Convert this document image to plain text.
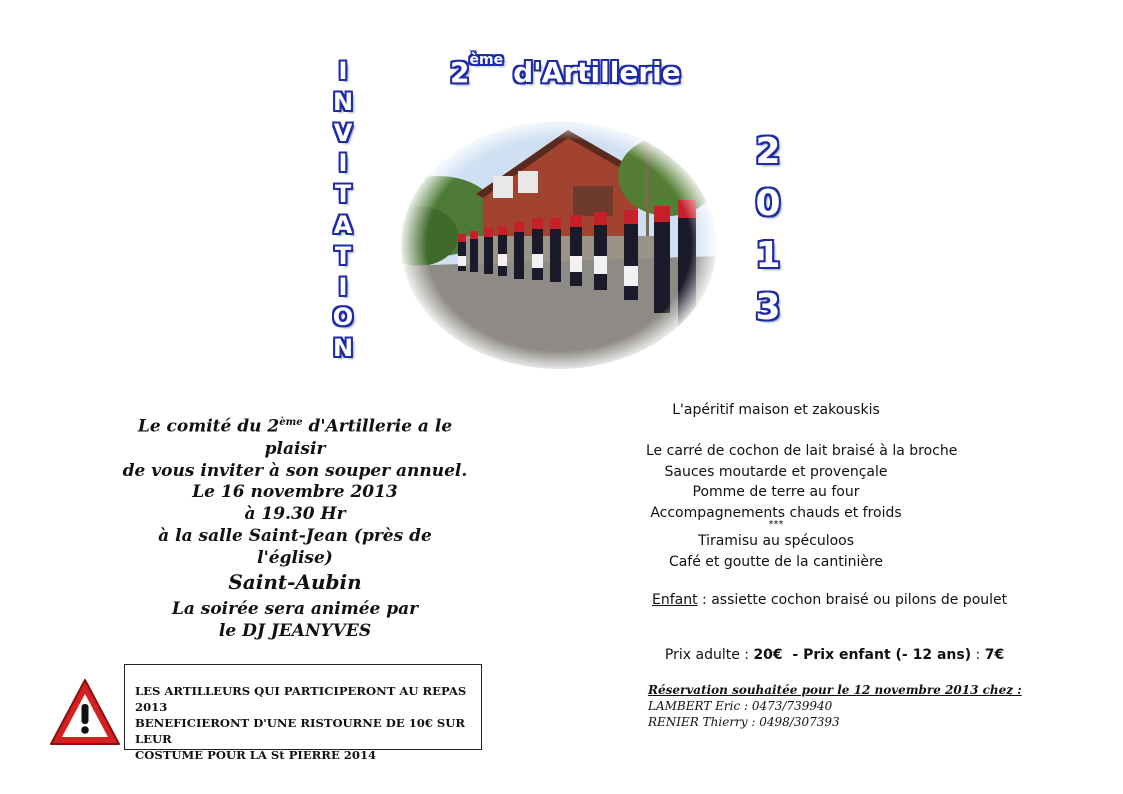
2ème d'Artillerie
I
N
V
I
T
A
T
I
O
N
2
0
1
3
Le comité du 2ème d'Artillerie a le plaisir
de vous inviter à son souper annuel.
Le 16 novembre 2013
à 19.30 Hr
à la salle Saint-Jean (près de l'église)
Saint-Aubin
La soirée sera animée par
le DJ JEANYVES
LES ARTILLEURS QUI PARTICIPERONT AU REPAS 2013
BENEFICIERONT D'UNE RISTOURNE DE 10€ SUR LEUR
COSTUME POUR LA St PIERRE 2014
L'apéritif maison et zakouskis
Le carré de cochon de lait braisé à la broche
Sauces moutarde et provençale
Pomme de terre au four
Accompagnements chauds et froids
***
Tiramisu au spéculoos
Café et goutte de la cantinière
Enfant : assiette cochon braisé ou pilons de poulet

Prix adulte : 20€  - Prix enfant (- 12 ans) : 7€

Réservation souhaitée pour le 12 novembre 2013 chez :
LAMBERT Eric : 0473/739940
RENIER Thierry : 0498/307393
